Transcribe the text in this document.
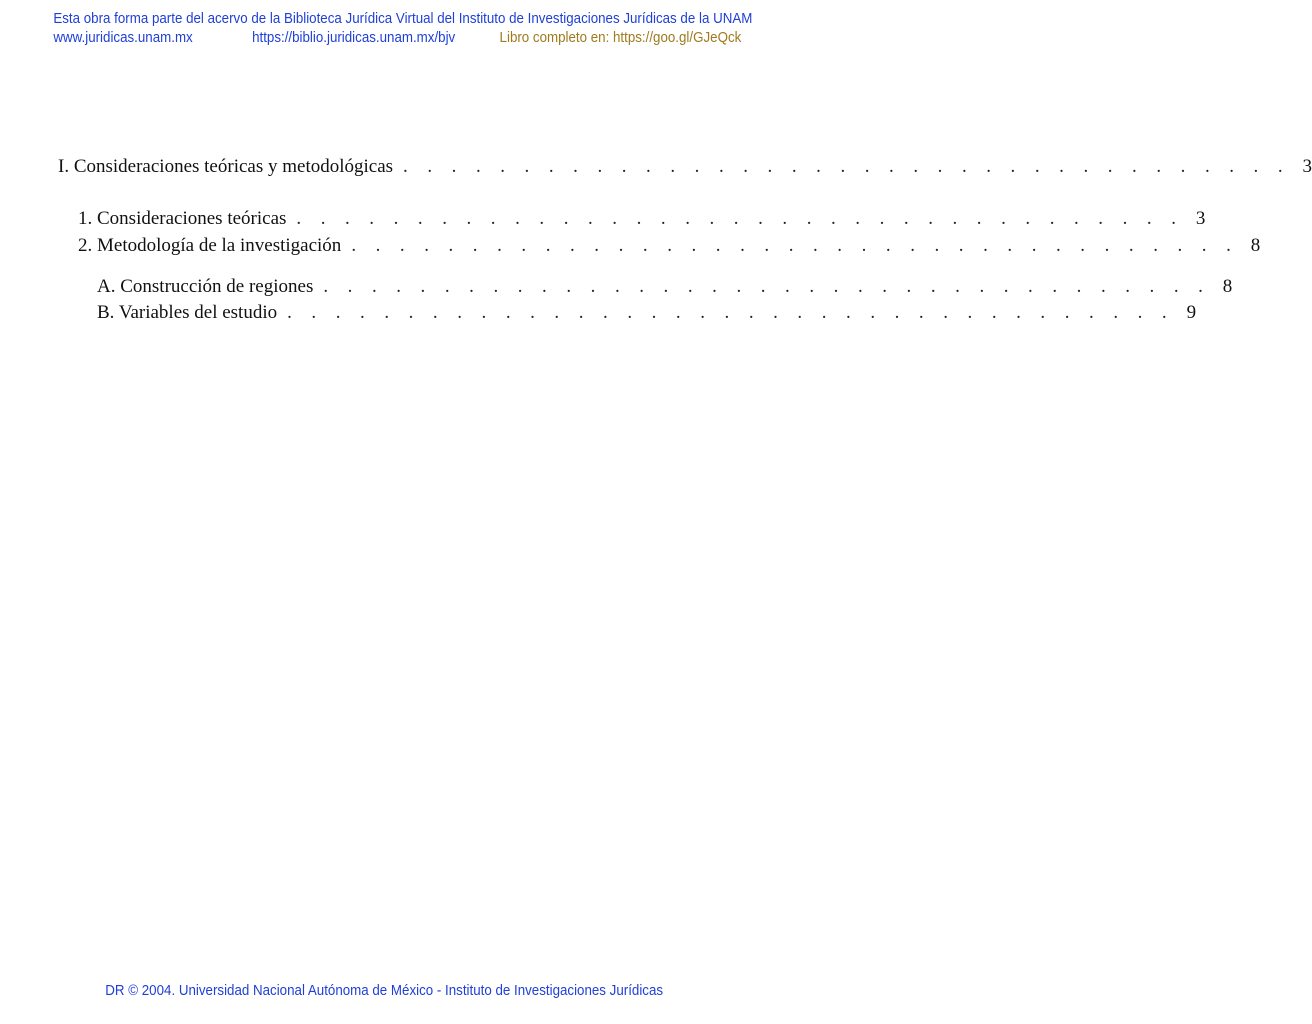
Esta obra forma parte del acervo de la Biblioteca Jurídica Virtual del Instituto de Investigaciones Jurídicas de la UNAM
www.juridicas.unam.mx	https://biblio.juridicas.unam.mx/bjv	Libro completo en: https://goo.gl/GJeQck
I. Consideraciones teóricas y metodológicas . . . . . . . . . . . . . . . . . . . . . . . . . . . . . . . . . . . . . 3
1. Consideraciones teóricas . . . . . . . . . . . . . . . . . . . . . . . . . . . . . . . . . . . . . 3
2. Metodología de la investigación . . . . . . . . . . . . . . . . . . . . . . . . . . . . . . . . . . . . . 8
A. Construcción de regiones . . . . . . . . . . . . . . . . . . . . . . . . . . . . . . . . . . . . . 8
B. Variables del estudio . . . . . . . . . . . . . . . . . . . . . . . . . . . . . . . . . . . . . 9
DR © 2004. Universidad Nacional Autónoma de México - Instituto de Investigaciones Jurídicas
